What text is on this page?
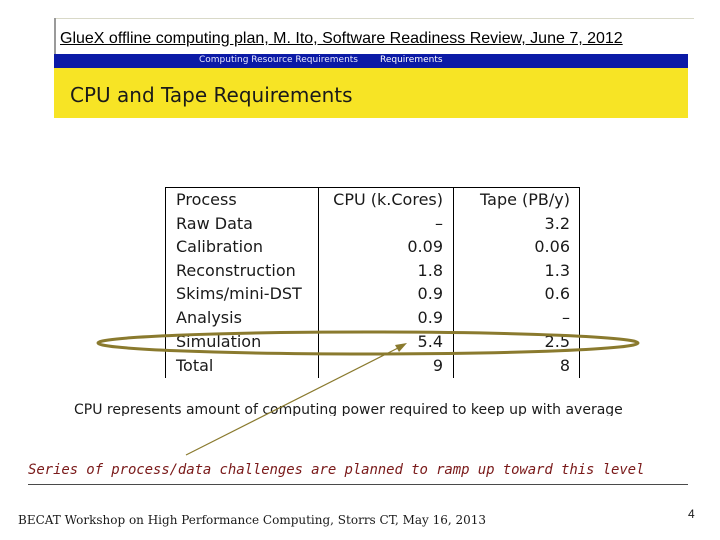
GlueX offline computing plan, M. Ito, Software Readiness Review, June 7, 2012
Computing Resource Requirements Requirements
CPU and Tape Requirements
Process	CPU (k.Cores) Tape (PB/y)
Raw Data	–	3.2
Calibration	0.09	0.06
Reconstruction	1.8	1.3
Skims/mini-DST	0.9	0.6
Analysis	0.9	–
Simulation	5.4	2.5
Total	9	8
CPU represents amount of computing power required to keep up with average
Series of process/data challenges are planned to ramp up toward this level
BECAT Workshop on High Performance Computing, Storrs CT, May 16, 2013	4
